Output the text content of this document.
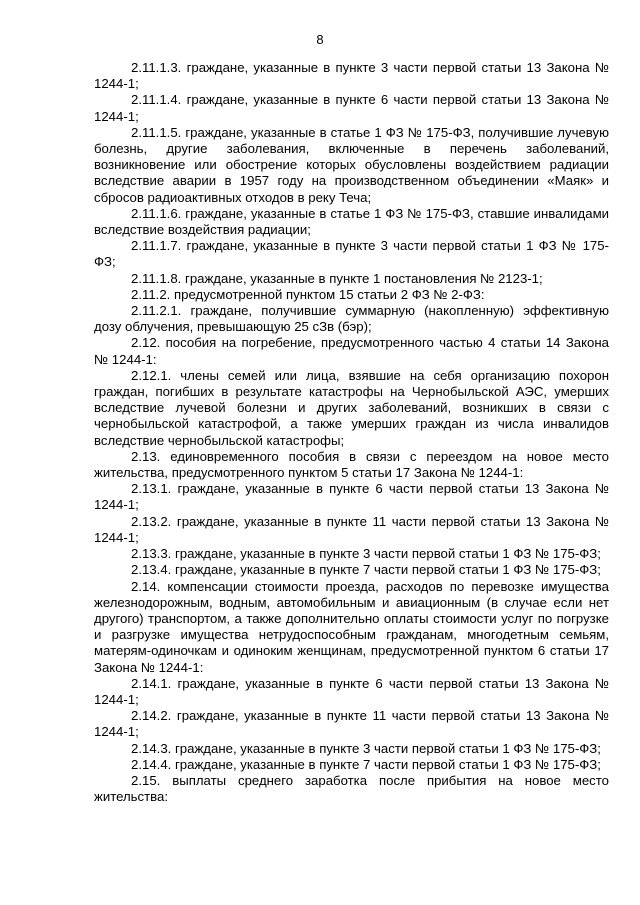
8

2.11.1.3. граждане, указанные в пункте 3 части первой статьи 13 Закона № 1244-1;

2.11.1.4. граждане, указанные в пункте 6 части первой статьи 13 Закона № 1244-1;

2.11.1.5. граждане, указанные в статье 1 ФЗ № 175-ФЗ, получившие лучевую болезнь, другие заболевания, включенные в перечень заболеваний, возникновение или обострение которых обусловлены воздействием радиации вследствие аварии в 1957 году на производственном объединении «Маяк» и сбросов радиоактивных отходов в реку Теча;

2.11.1.6. граждане, указанные в статье 1 ФЗ № 175-ФЗ, ставшие инвалидами вследствие воздействия радиации;

2.11.1.7. граждане, указанные в пункте 3 части первой статьи 1 ФЗ № 175-ФЗ;

2.11.1.8. граждане, указанные в пункте 1 постановления № 2123-1;

2.11.2. предусмотренной пунктом 15 статьи 2 ФЗ № 2-ФЗ:

2.11.2.1. граждане, получившие суммарную (накопленную) эффективную дозу облучения, превышающую 25 сЗв (бэр);

2.12. пособия на погребение, предусмотренного частью 4 статьи 14 Закона № 1244-1:

2.12.1. члены семей или лица, взявшие на себя организацию похорон граждан, погибших в результате катастрофы на Чернобыльской АЭС, умерших вследствие лучевой болезни и других заболеваний, возникших в связи с чернобыльской катастрофой, а также умерших граждан из числа инвалидов вследствие чернобыльской катастрофы;

2.13. единовременного пособия в связи с переездом на новое место жительства, предусмотренного пунктом 5 статьи 17 Закона № 1244-1:

2.13.1. граждане, указанные в пункте 6 части первой статьи 13 Закона № 1244-1;

2.13.2. граждане, указанные в пункте 11 части первой статьи 13 Закона № 1244-1;

2.13.3. граждане, указанные в пункте 3 части первой статьи 1 ФЗ № 175-ФЗ;

2.13.4. граждане, указанные в пункте 7 части первой статьи 1 ФЗ № 175-ФЗ;

2.14. компенсации стоимости проезда, расходов по перевозке имущества железнодорожным, водным, автомобильным и авиационным (в случае если нет другого) транспортом, а также дополнительно оплаты стоимости услуг по погрузке и разгрузке имущества нетрудоспособным гражданам, многодетным семьям, матерям-одиночкам и одиноким женщинам, предусмотренной пунктом 6 статьи 17 Закона № 1244-1:

2.14.1. граждане, указанные в пункте 6 части первой статьи 13 Закона № 1244-1;

2.14.2. граждане, указанные в пункте 11 части первой статьи 13 Закона № 1244-1;

2.14.3. граждане, указанные в пункте 3 части первой статьи 1 ФЗ № 175-ФЗ;

2.14.4. граждане, указанные в пункте 7 части первой статьи 1 ФЗ № 175-ФЗ;

2.15. выплаты среднего заработка после прибытия на новое место жительства:
